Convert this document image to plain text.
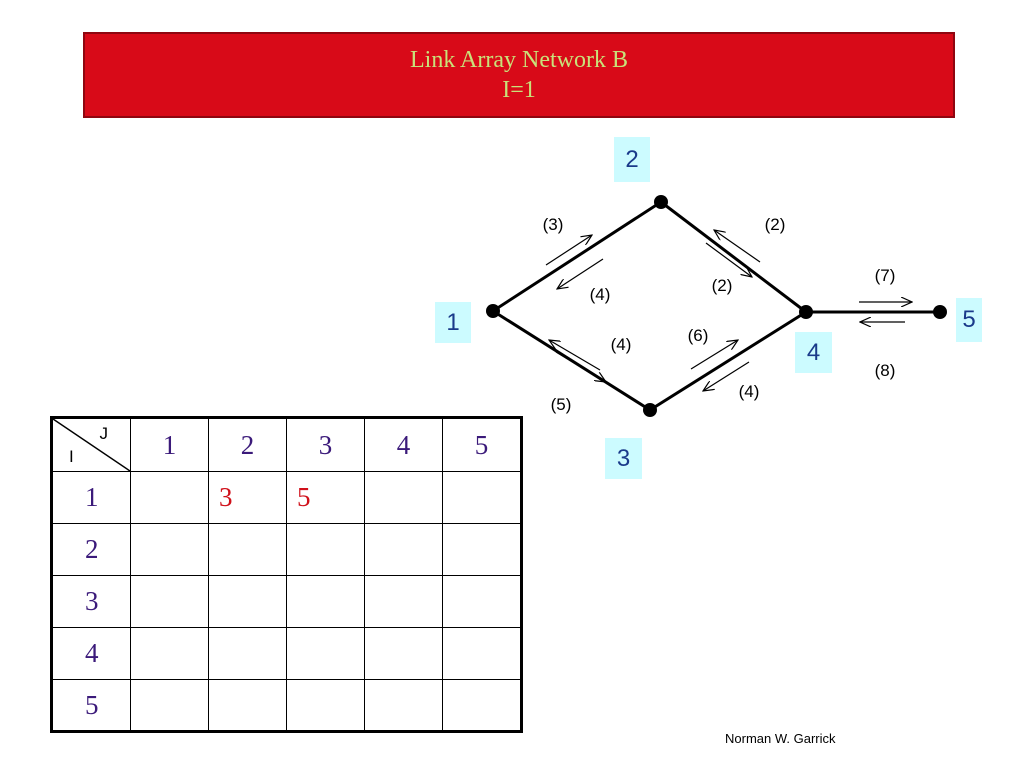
Link Array Network B
I=1
1
2
3
4
5
(3)
(4)	(2)
(2)
(5)
(4)	(6)
(4)
(7)
(8)
J
I	1	2	3	4	5
1		3	5		
2					
3					
4					
5					
Norman W. Garrick
